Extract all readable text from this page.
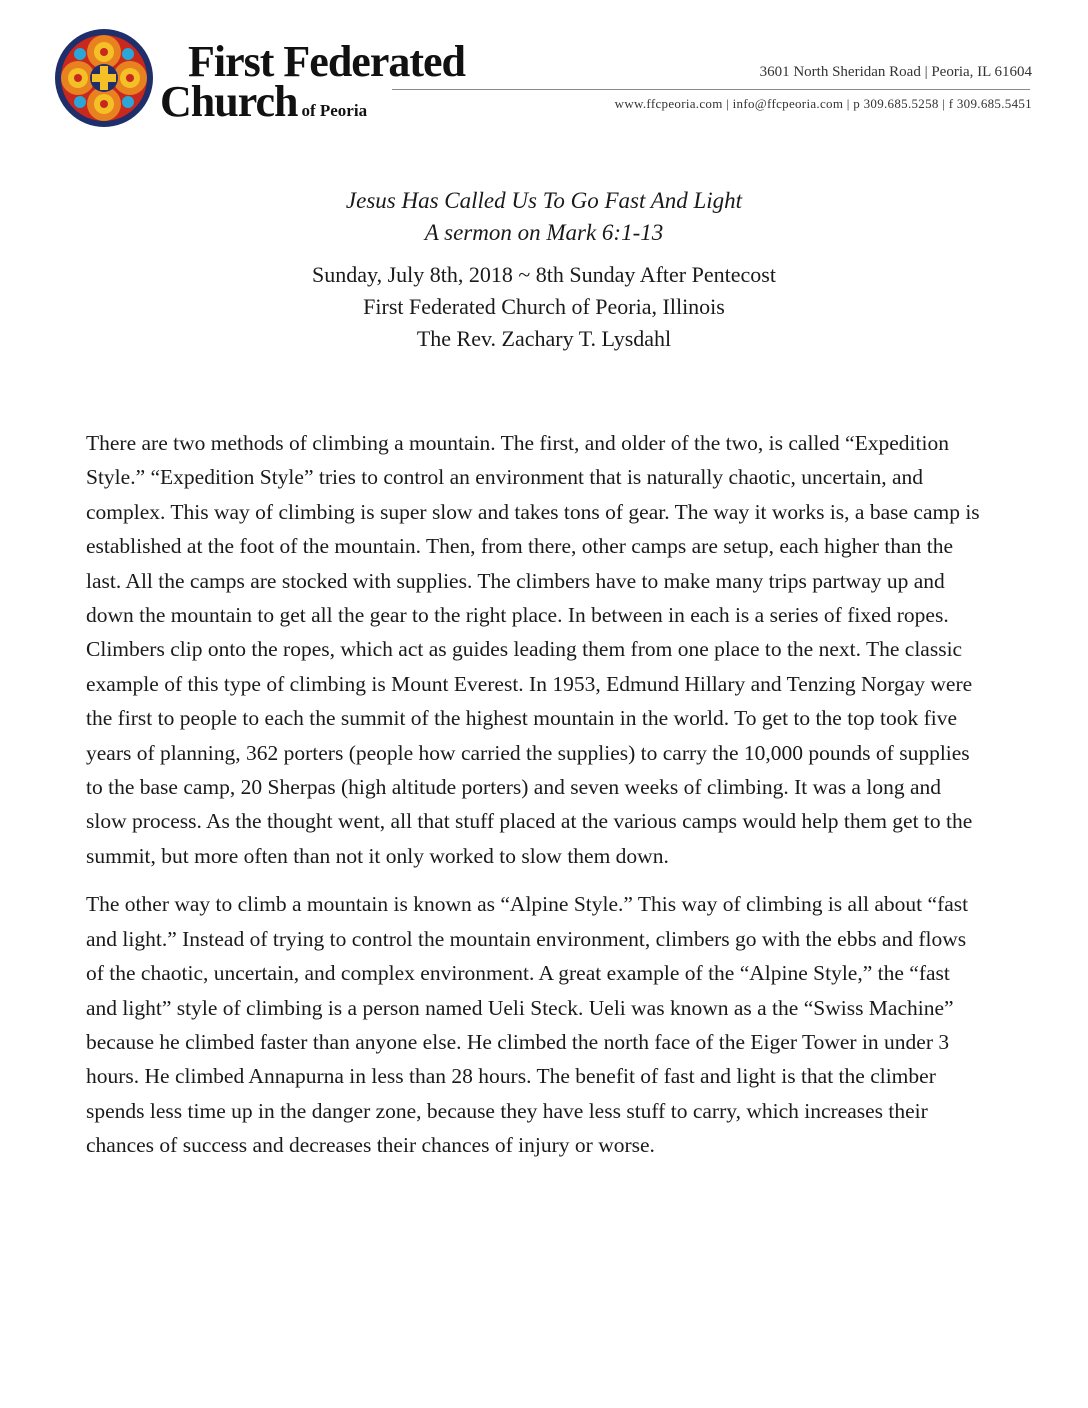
First Federated
Church of Peoria
3601 North Sheridan Road | Peoria, IL 61604
www.ffcpeoria.com | info@ffcpeoria.com | p 309.685.5258 | f 309.685.5451

Jesus Has Called Us To Go Fast And Light

A sermon on Mark 6:1-13

Sunday, July 8th, 2018 ~ 8th Sunday After Pentecost

First Federated Church of Peoria, Illinois

The Rev. Zachary T. Lysdahl

There are two methods of climbing a mountain. The first, and older of the two, is called “Expedition Style.” “Expedition Style” tries to control an environment that is naturally chaotic, uncertain, and complex. This way of climbing is super slow and takes tons of gear. The way it works is, a base camp is established at the foot of the mountain. Then, from there, other camps are setup, each higher than the last. All the camps are stocked with supplies. The climbers have to make many trips partway up and down the mountain to get all the gear to the right place. In between in each is a series of fixed ropes. Climbers clip onto the ropes, which act as guides leading them from one place to the next. The classic example of this type of climbing is Mount Everest. In 1953, Edmund Hillary and Tenzing Norgay were the first to people to each the summit of the highest mountain in the world. To get to the top took five years of planning, 362 porters (people how carried the supplies) to carry the 10,000 pounds of supplies to the base camp, 20 Sherpas (high altitude porters) and seven weeks of climbing. It was a long and slow process. As the thought went, all that stuff placed at the various camps would help them get to the summit, but more often than not it only worked to slow them down.

The other way to climb a mountain is known as “Alpine Style.” This way of climbing is all about “fast and light.” Instead of trying to control the mountain environment, climbers go with the ebbs and flows of the chaotic, uncertain, and complex environment. A great example of the “Alpine Style,” the “fast and light” style of climbing is a person named Ueli Steck. Ueli was known as a the “Swiss Machine” because he climbed faster than anyone else. He climbed the north face of the Eiger Tower in under 3 hours. He climbed Annapurna in less than 28 hours. The benefit of fast and light is that the climber spends less time up in the danger zone, because they have less stuff to carry, which increases their chances of success and decreases their chances of injury or worse.
